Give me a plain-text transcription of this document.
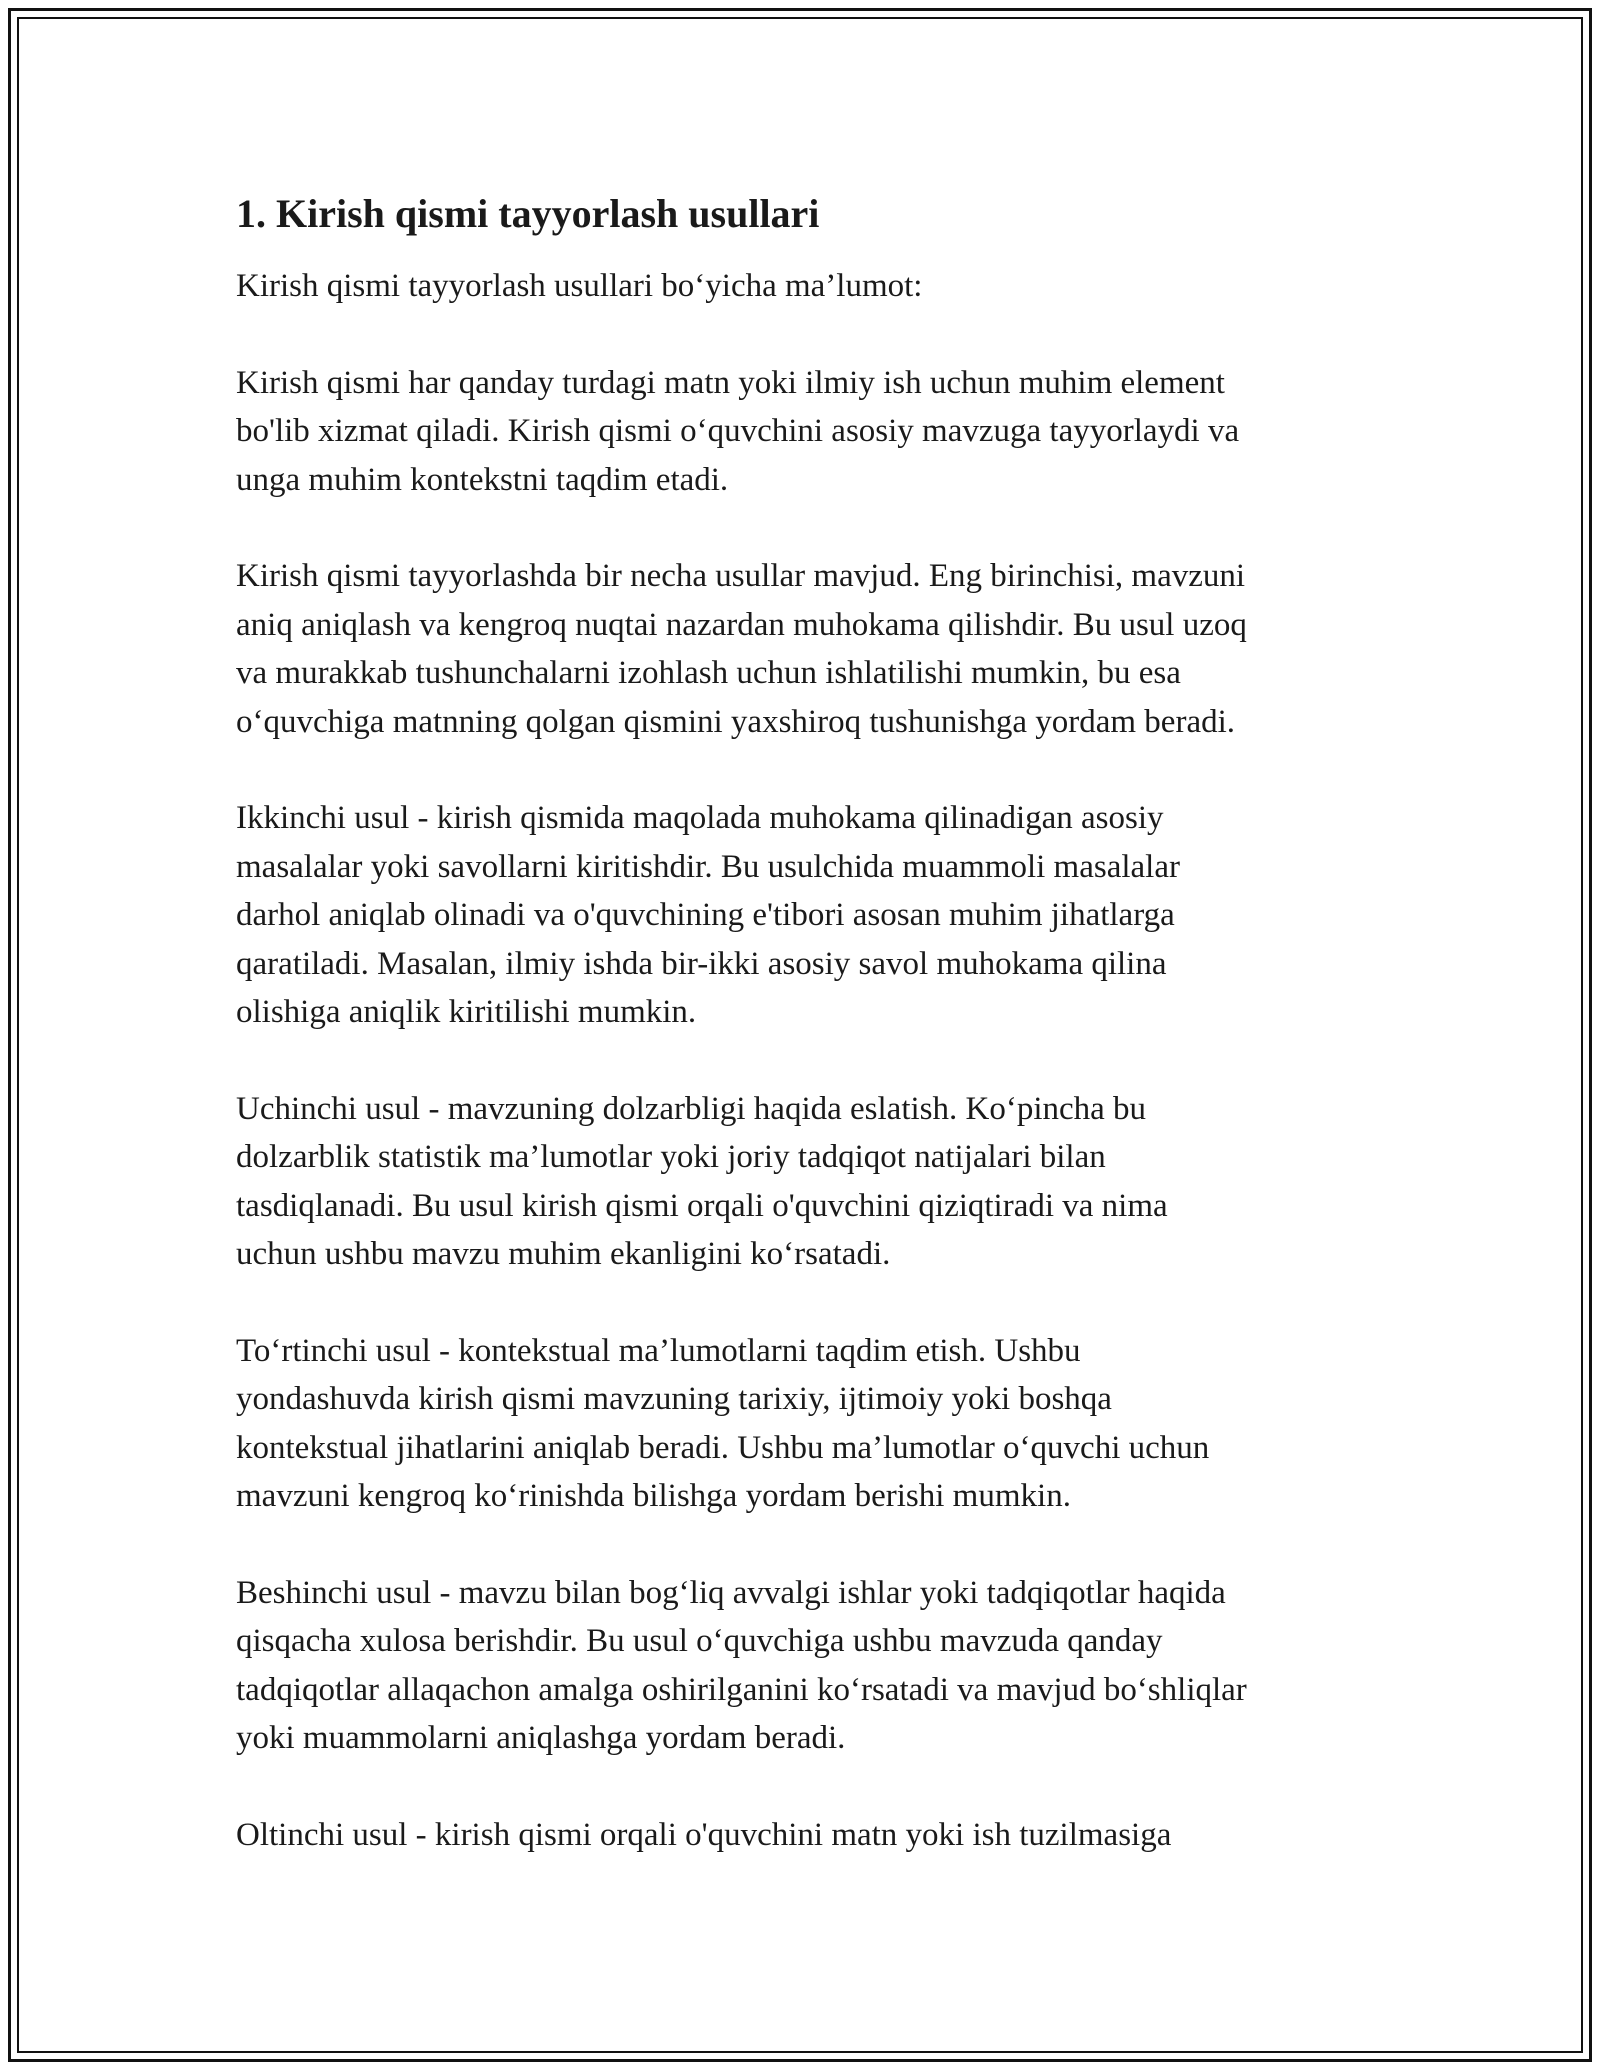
1. Kirish qismi tayyorlash usullari
Kirish qismi tayyorlash usullari bo‘yicha ma’lumot:
Kirish qismi har qanday turdagi matn yoki ilmiy ish uchun muhim element
bo'lib xizmat qiladi. Kirish qismi o‘quvchini asosiy mavzuga tayyorlaydi va
unga muhim kontekstni taqdim etadi.
Kirish qismi tayyorlashda bir necha usullar mavjud. Eng birinchisi, mavzuni
aniq aniqlash va kengroq nuqtai nazardan muhokama qilishdir. Bu usul uzoq
va murakkab tushunchalarni izohlash uchun ishlatilishi mumkin, bu esa
o‘quvchiga matnning qolgan qismini yaxshiroq tushunishga yordam beradi.
Ikkinchi usul - kirish qismida maqolada muhokama qilinadigan asosiy
masalalar yoki savollarni kiritishdir. Bu usulchida muammoli masalalar
darhol aniqlab olinadi va o'quvchining e'tibori asosan muhim jihatlarga
qaratiladi. Masalan, ilmiy ishda bir-ikki asosiy savol muhokama qilina
olishiga aniqlik kiritilishi mumkin.
Uchinchi usul - mavzuning dolzarbligi haqida eslatish. Ko‘pincha bu
dolzarblik statistik ma’lumotlar yoki joriy tadqiqot natijalari bilan
tasdiqlanadi. Bu usul kirish qismi orqali o'quvchini qiziqtiradi va nima
uchun ushbu mavzu muhim ekanligini ko‘rsatadi.
To‘rtinchi usul - kontekstual ma’lumotlarni taqdim etish. Ushbu
yondashuvda kirish qismi mavzuning tarixiy, ijtimoiy yoki boshqa
kontekstual jihatlarini aniqlab beradi. Ushbu ma’lumotlar o‘quvchi uchun
mavzuni kengroq ko‘rinishda bilishga yordam berishi mumkin.
Beshinchi usul - mavzu bilan bog‘liq avvalgi ishlar yoki tadqiqotlar haqida
qisqacha xulosa berishdir. Bu usul o‘quvchiga ushbu mavzuda qanday
tadqiqotlar allaqachon amalga oshirilganini ko‘rsatadi va mavjud bo‘shliqlar
yoki muammolarni aniqlashga yordam beradi.
Oltinchi usul - kirish qismi orqali o'quvchini matn yoki ish tuzilmasiga
